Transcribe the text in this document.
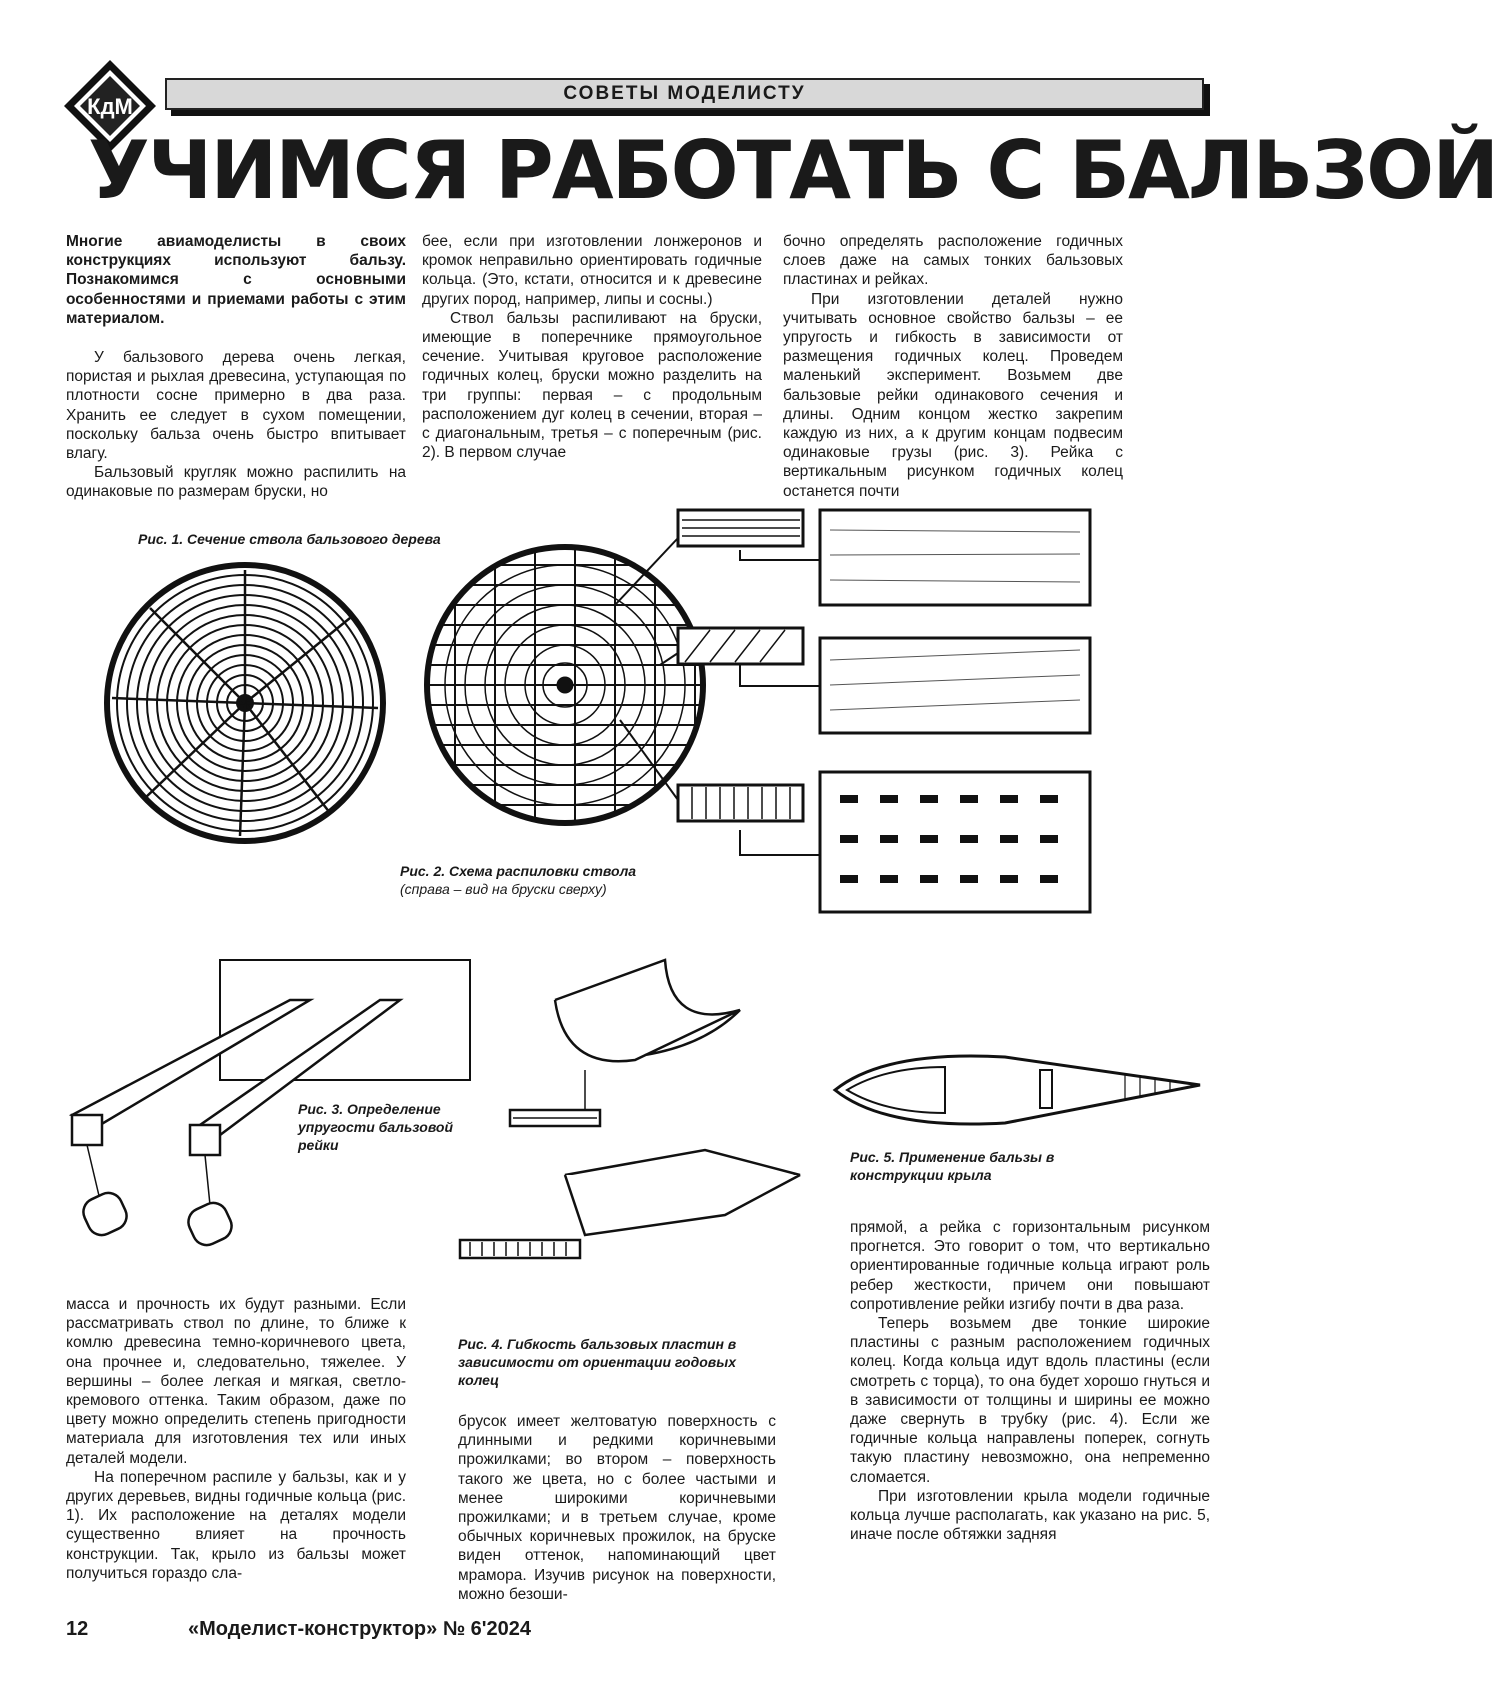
КдМ
СОВЕТЫ МОДЕЛИСТУ
УЧИМСЯ РАБОТАТЬ С БАЛЬЗОЙ

Многие авиамоделисты в своих конструкциях используют бальзу. Познакомимся с основными особенностями и приемами работы с этим материалом.

У бальзового дерева очень легкая, пористая и рыхлая древесина, уступающая по плотности сосне примерно в два раза. Хранить ее следует в сухом помещении, поскольку бальза очень быстро впитывает влагу.

Бальзовый кругляк можно распилить на одинаковые по размерам бруски, но

бее, если при изготовлении лонжеронов и кромок неправильно ориентировать годичные кольца. (Это, кстати, относится и к древесине других пород, например, липы и сосны.)

Ствол бальзы распиливают на бруски, имеющие в поперечнике прямоугольное сечение. Учитывая круговое расположение годичных колец, бруски можно разделить на три группы: первая – с продольным расположением дуг колец в сечении, вторая – с диагональным, третья – с поперечным (рис. 2). В первом случае

бочно определять расположение годичных слоев даже на самых тонких бальзовых пластинах и рейках.

При изготовлении деталей нужно учитывать основное свойство бальзы – ее упругость и гибкость в зависимости от размещения годичных колец. Проведем маленький эксперимент. Возьмем две бальзовые рейки одинакового сечения и длины. Одним концом жестко закрепим каждую из них, а к другим концам подвесим одинаковые грузы (рис. 3). Рейка с вертикальным рисунком годичных колец останется почти

Рис. 1. Сечение ствола бальзового дерева
Рис. 2. Схема распиловки ствола
(справа – вид на бруски сверху)
Рис. 3. Определение упругости бальзовой рейки
Рис. 4. Гибкость бальзовых пластин в зависимости от ориентации годовых колец
Рис. 5. Применение бальзы в конструкции крыла

масса и прочность их будут разными. Если рассматривать ствол по длине, то ближе к комлю древесина темно-коричневого цвета, она прочнее и, следовательно, тяжелее. У вершины – более легкая и мягкая, светло-кремового оттенка. Таким образом, даже по цвету можно определить степень пригодности материала для изготовления тех или иных деталей модели.

На поперечном распиле у бальзы, как и у других деревьев, видны годичные кольца (рис. 1). Их расположение на деталях модели существенно влияет на прочность конструкции. Так, крыло из бальзы может получиться гораздо сла-

брусок имеет желтоватую поверхность с длинными и редкими коричневыми прожилками; во втором – поверхность такого же цвета, но с более частыми и менее широкими коричневыми прожилками; и в третьем случае, кроме обычных коричневых прожилок, на бруске виден оттенок, напоминающий цвет мрамора. Изучив рисунок на поверхности, можно безоши-

прямой, а рейка с горизонтальным рисунком прогнется. Это говорит о том, что вертикально ориентированные годичные кольца играют роль ребер жесткости, причем они повышают сопротивление рейки изгибу почти в два раза.

Теперь возьмем две тонкие широкие пластины с разным расположением годичных колец. Когда кольца идут вдоль пластины (если смотреть с торца), то она будет хорошо гнуться и в зависимости от толщины и ширины ее можно даже свернуть в трубку (рис. 4). Если же годичные кольца направлены поперек, согнуть такую пластину невозможно, она непременно сломается.

При изготовлении крыла модели годичные кольца лучше располагать, как указано на рис. 5, иначе после обтяжки задняя

12	«Моделист-конструктор» № 6'2024
